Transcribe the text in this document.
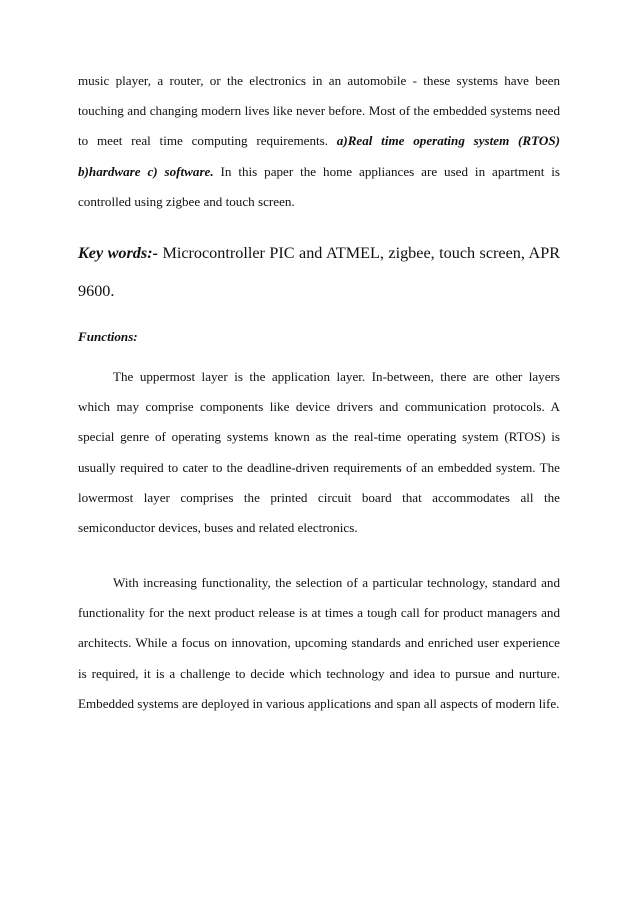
music player, a router, or the electronics in an automobile - these systems have been touching and changing modern lives like never before. Most of the embedded systems need to meet real time computing requirements. a)Real time operating system (RTOS) b)hardware c) software. In this paper the home appliances are used in apartment is controlled using zigbee and touch screen.

Key words:- Microcontroller PIC and ATMEL, zigbee, touch screen, APR 9600.

Functions:

The uppermost layer is the application layer. In-between, there are other layers which may comprise components like device drivers and communication protocols. A special genre of operating systems known as the real-time operating system (RTOS) is usually required to cater to the deadline-driven requirements of an embedded system. The lowermost layer comprises the printed circuit board that accommodates all the semiconductor devices, buses and related electronics.

With increasing functionality, the selection of a particular technology, standard and functionality for the next product release is at times a tough call for product managers and architects. While a focus on innovation, upcoming standards and enriched user experience is required, it is a challenge to decide which technology and idea to pursue and nurture. Embedded systems are deployed in various applications and span all aspects of modern life.
